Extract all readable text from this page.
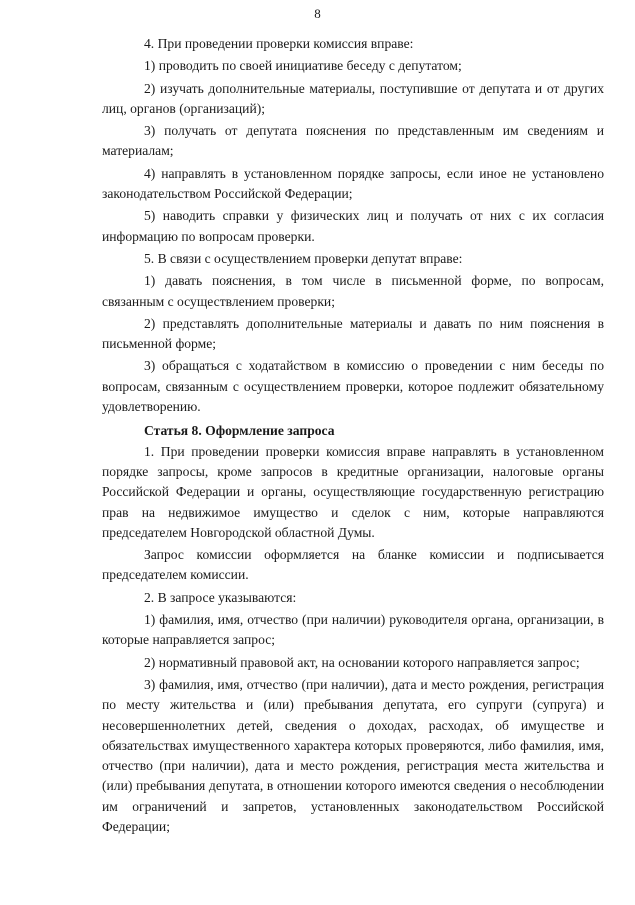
8

4. При проведении проверки комиссия вправе:

1) проводить по своей инициативе беседу с депутатом;

2) изучать дополнительные материалы, поступившие от депутата и от других лиц, органов (организаций);

3) получать от депутата пояснения по представленным им сведениям и материалам;

4) направлять в установленном порядке запросы, если иное не установлено законодательством Российской Федерации;

5) наводить справки у физических лиц и получать от них с их согласия информацию по вопросам проверки.

5. В связи с осуществлением проверки депутат вправе:

1) давать пояснения, в том числе в письменной форме, по вопросам, связанным с осуществлением проверки;

2) представлять дополнительные материалы и давать по ним пояснения в письменной форме;

3) обращаться с ходатайством в комиссию о проведении с ним беседы по вопросам, связанным с осуществлением проверки, которое подлежит обязательному удовлетворению.

Статья 8. Оформление запроса

1. При проведении проверки комиссия вправе направлять в установленном порядке запросы, кроме запросов в кредитные организации, налоговые органы Российской Федерации и органы, осуществляющие государственную регистрацию прав на недвижимое имущество и сделок с ним, которые направляются председателем Новгородской областной Думы.

Запрос комиссии оформляется на бланке комиссии и подписывается председателем комиссии.

2. В запросе указываются:

1) фамилия, имя, отчество (при наличии) руководителя органа, организации, в которые направляется запрос;

2) нормативный правовой акт, на основании которого направляется запрос;

3) фамилия, имя, отчество (при наличии), дата и место рождения, регистрация по месту жительства и (или) пребывания депутата, его супруги (супруга) и несовершеннолетних детей, сведения о доходах, расходах, об имуществе и обязательствах имущественного характера которых проверяются, либо фамилия, имя, отчество (при наличии), дата и место рождения, регистрация места жительства и (или) пребывания депутата, в отношении которого имеются сведения о несоблюдении им ограничений и запретов, установленных законодательством Российской Федерации;
